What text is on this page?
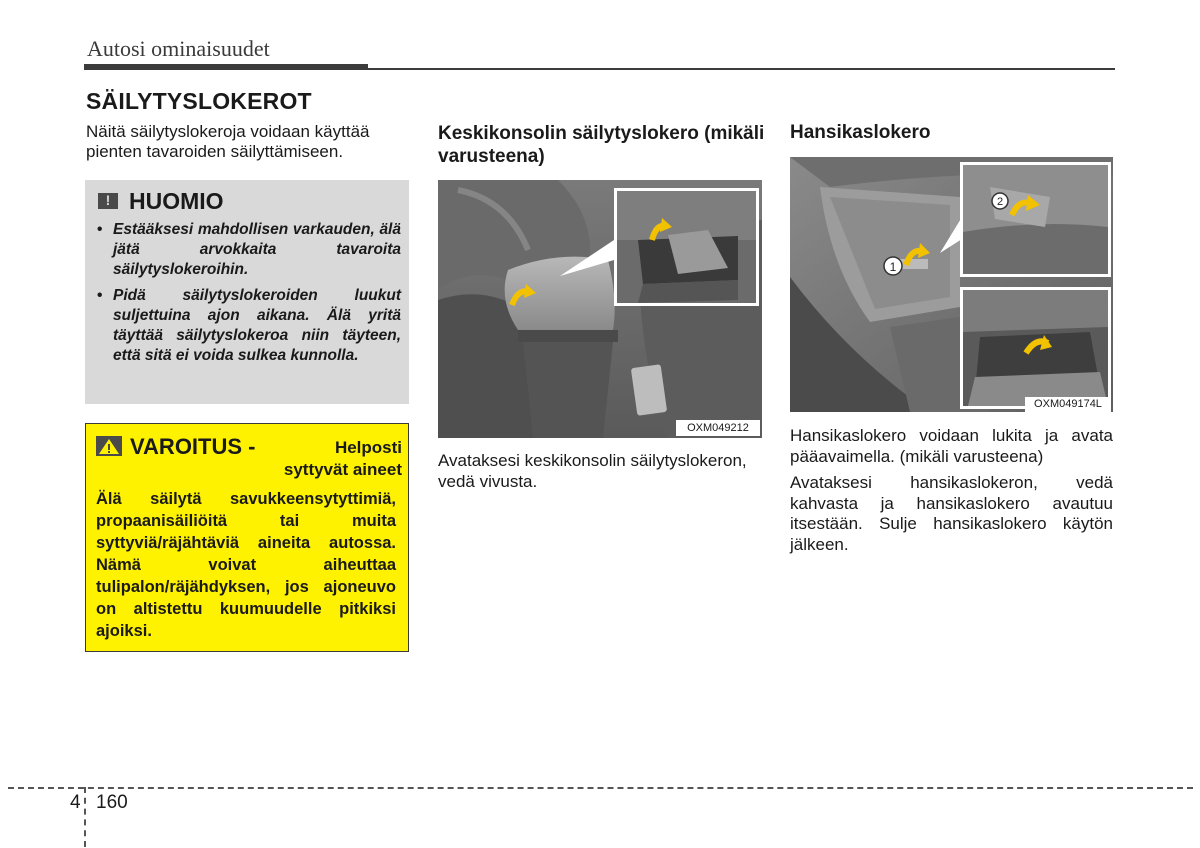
Autosi ominaisuudet
SÄILYTYSLOKEROT
Näitä säilytyslokeroja voidaan käyttää pienten tavaroiden säilyttämiseen.
!
HUOMIO
• Estääksesi mahdollisen varkauden, älä jätä arvokkaita tavaroita säilytyslokeroihin.
• Pidä säilytyslokeroiden luukut suljettuina ajon aikana. Älä yritä täyttää säilytyslokeroa niin täyteen, että sitä ei voida sulkea kunnolla.
VAROITUS -	Helposti syttyvät aineet
Älä säilytä savukkeensytyttimiä, propaanisäiliöitä tai muita syttyviä/räjähtäviä aineita autossa. Nämä voivat aiheuttaa tulipalon/räjähdyksen, jos ajoneuvo on altistettu kuumuudelle pitkiksi ajoiksi.
Keskikonsolin säilytyslokero (mikäli varusteena)
OXM049212
Avataksesi keskikonsolin säilytyslokeron, vedä vivusta.
Hansikaslokero
1
2
OXM049174L

Hansikaslokero voidaan lukita ja avata pääavaimella. (mikäli varusteena)

Avataksesi hansikaslokeron, vedä kahvasta ja hansikaslokero avautuu itsestään. Sulje hansikaslokero käytön jälkeen.

4 160
